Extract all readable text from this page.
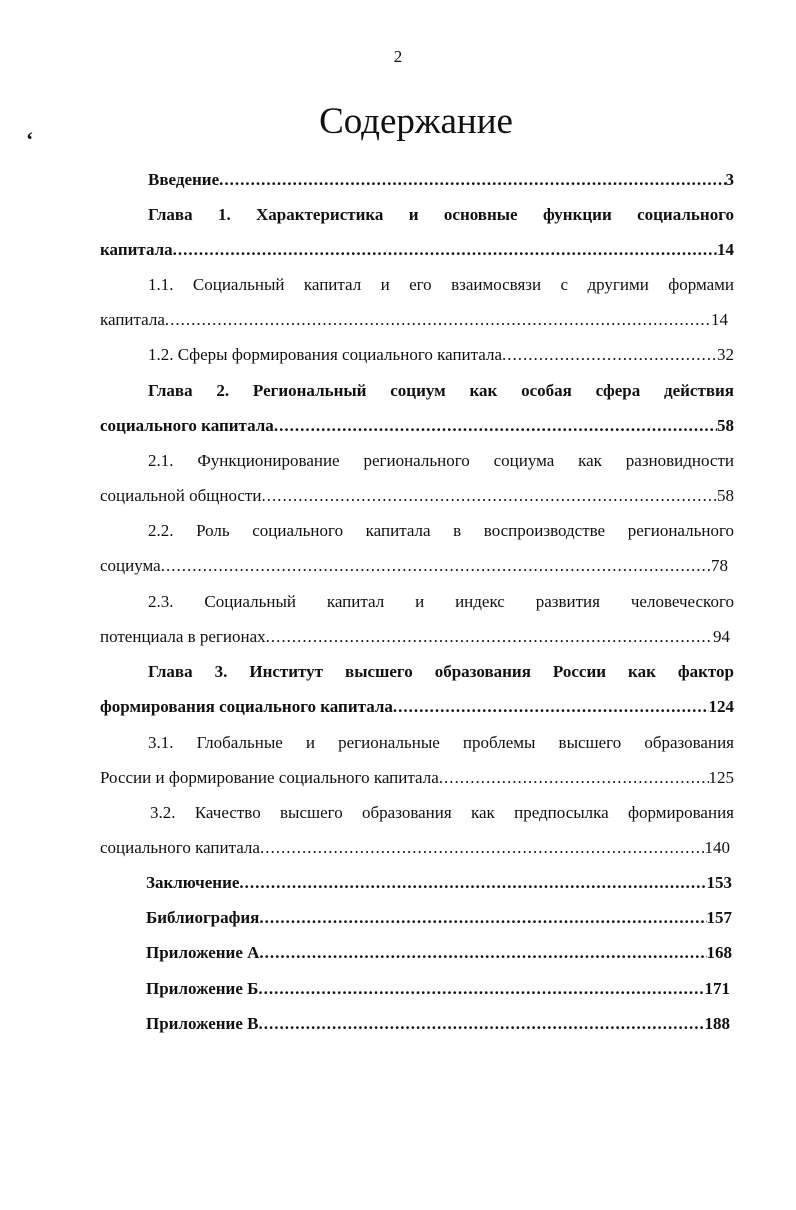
2
ʻ	Содержание
Введение .....	3
Глава 1. Характеристика и основные функции социального
капитала .....	14
1.1. Социальный капитал и его взаимосвязи с другими формами
капитала .....	14
1.2. Сферы формирования социального капитала .....	32
Глава 2. Региональный социум как особая сфера действия
социального капитала .....	58
2.1. Функционирование регионального социума как разновидности
социальной общности .....	58
2.2. Роль социального капитала в воспроизводстве регионального
социума .....	78
2.3. Социальный капитал и индекс развития человеческого
потенциала в регионах .....	94
Глава 3. Институт высшего образования России как фактор
формирования социального капитала .....	124
3.1. Глобальные и региональные проблемы высшего образования
России и формирование социального капитала .....	125
3.2. Качество высшего образования как предпосылка формирования
социального капитала .....	140
Заключение .....	153
Библиография .....	157
Приложение А .....	168
Приложение Б .....	171
Приложение В .....	188
